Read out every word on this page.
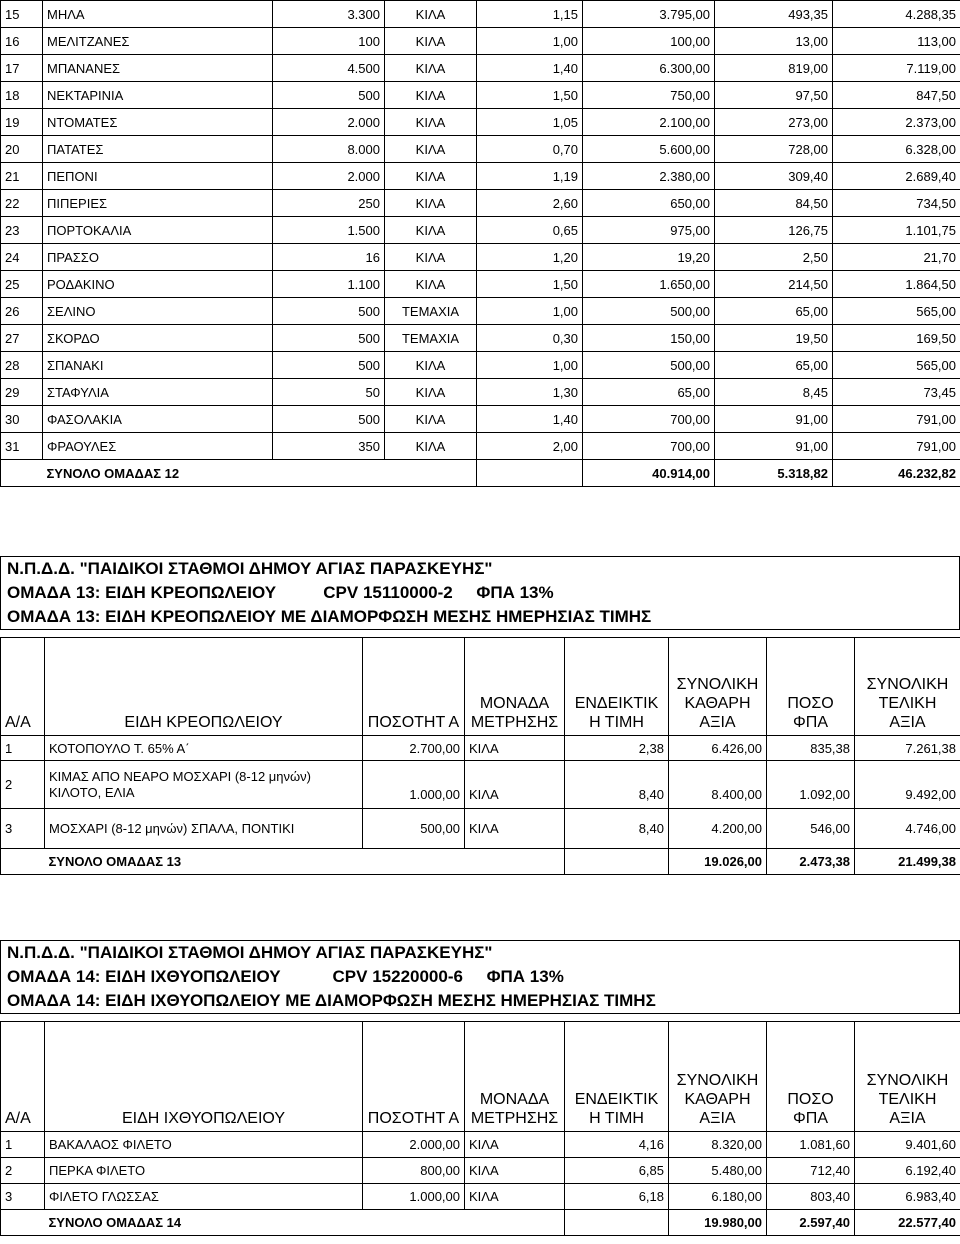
15	ΜΗΛΑ	3.300	ΚΙΛΑ	1,15	3.795,00	493,35	4.288,35
16	ΜΕΛΙΤΖΑΝΕΣ	100	ΚΙΛΑ	1,00	100,00	13,00	113,00
17	ΜΠΑΝΑΝΕΣ	4.500	ΚΙΛΑ	1,40	6.300,00	819,00	7.119,00
18	ΝΕΚΤΑΡΙΝΙΑ	500	ΚΙΛΑ	1,50	750,00	97,50	847,50
19	ΝΤΟΜΑΤΕΣ	2.000	ΚΙΛΑ	1,05	2.100,00	273,00	2.373,00
20	ΠΑΤΑΤΕΣ	8.000	ΚΙΛΑ	0,70	5.600,00	728,00	6.328,00
21	ΠΕΠΟΝΙ	2.000	ΚΙΛΑ	1,19	2.380,00	309,40	2.689,40
22	ΠΙΠΕΡΙΕΣ	250	ΚΙΛΑ	2,60	650,00	84,50	734,50
23	ΠΟΡΤΟΚΑΛΙΑ	1.500	ΚΙΛΑ	0,65	975,00	126,75	1.101,75
24	ΠΡΑΣΣΟ	16	ΚΙΛΑ	1,20	19,20	2,50	21,70
25	ΡΟΔΑΚΙΝΟ	1.100	ΚΙΛΑ	1,50	1.650,00	214,50	1.864,50
26	ΣΕΛΙΝΟ	500	ΤΕΜΑΧΙΑ	1,00	500,00	65,00	565,00
27	ΣΚΟΡΔΟ	500	ΤΕΜΑΧΙΑ	0,30	150,00	19,50	169,50
28	ΣΠΑΝΑΚΙ	500	ΚΙΛΑ	1,00	500,00	65,00	565,00
29	ΣΤΑΦΥΛΙΑ	50	ΚΙΛΑ	1,30	65,00	8,45	73,45
30	ΦΑΣΟΛΑΚΙΑ	500	ΚΙΛΑ	1,40	700,00	91,00	791,00
31	ΦΡΑΟΥΛΕΣ	350	ΚΙΛΑ	2,00	700,00	91,00	791,00
	ΣΥΝΟΛΟ ΟΜΑΔΑΣ 12				40.914,00	5.318,82	46.232,82
Ν.Π.Δ.Δ. "ΠΑΙΔΙΚΟΙ ΣΤΑΘΜΟΙ ΔΗΜΟΥ ΑΓΙΑΣ ΠΑΡΑΣΚΕΥΗΣ"
ΟΜΑΔΑ 13: ΕΙΔΗ ΚΡΕΟΠΩΛΕΙΟΥ          CPV 15110000-2     ΦΠΑ 13%
ΟΜΑΔΑ 13: ΕΙΔΗ ΚΡΕΟΠΩΛΕΙΟΥ ΜΕ ΔΙΑΜΟΡΦΩΣΗ ΜΕΣΗΣ ΗΜΕΡΗΣΙΑΣ ΤΙΜΗΣ
Α/Α	ΕΙΔΗ ΚΡΕΟΠΩΛΕΙΟΥ	ΠΟΣΟΤΗΤ Α	ΜΟΝΑΔΑ ΜΕΤΡΗΣΗΣ	ΕΝΔΕΙΚΤΙΚ Η ΤΙΜΗ	ΣΥΝΟΛΙΚΗ ΚΑΘΑΡΗ ΑΞΙΑ	ΠΟΣΟ ΦΠΑ	ΣΥΝΟΛΙΚΗ ΤΕΛΙΚΗ ΑΞΙΑ
1	ΚΟΤΟΠΟΥΛΟ Τ. 65% Α΄	2.700,00	ΚΙΛΑ	2,38	6.426,00	835,38	7.261,38
2	ΚΙΜΑΣ ΑΠΟ ΝΕΑΡΟ ΜΟΣΧΑΡΙ (8-12 μηνών) ΚΙΛΟΤΟ, ΕΛΙΑ	1.000,00	ΚΙΛΑ	8,40	8.400,00	1.092,00	9.492,00
3	ΜΟΣΧΑΡΙ (8-12 μηνών) ΣΠΑΛΑ, ΠΟΝΤΙΚΙ	500,00	ΚΙΛΑ	8,40	4.200,00	546,00	4.746,00
	ΣΥΝΟΛΟ ΟΜΑΔΑΣ 13				19.026,00	2.473,38	21.499,38
Ν.Π.Δ.Δ. "ΠΑΙΔΙΚΟΙ ΣΤΑΘΜΟΙ ΔΗΜΟΥ ΑΓΙΑΣ ΠΑΡΑΣΚΕΥΗΣ"
ΟΜΑΔΑ 14: ΕΙΔΗ ΙΧΘΥΟΠΩΛΕΙΟΥ           CPV 15220000-6     ΦΠΑ 13%
ΟΜΑΔΑ 14: ΕΙΔΗ ΙΧΘΥΟΠΩΛΕΙΟΥ ΜΕ ΔΙΑΜΟΡΦΩΣΗ ΜΕΣΗΣ ΗΜΕΡΗΣΙΑΣ ΤΙΜΗΣ
Α/Α	ΕΙΔΗ ΙΧΘΥΟΠΩΛΕΙΟΥ	ΠΟΣΟΤΗΤ Α	ΜΟΝΑΔΑ ΜΕΤΡΗΣΗΣ	ΕΝΔΕΙΚΤΙΚ Η ΤΙΜΗ	ΣΥΝΟΛΙΚΗ ΚΑΘΑΡΗ ΑΞΙΑ	ΠΟΣΟ ΦΠΑ	ΣΥΝΟΛΙΚΗ ΤΕΛΙΚΗ ΑΞΙΑ
1	ΒΑΚΑΛΑΟΣ ΦΙΛΕΤΟ	2.000,00	ΚΙΛΑ	4,16	8.320,00	1.081,60	9.401,60
2	ΠΕΡΚΑ ΦΙΛΕΤΟ	800,00	ΚΙΛΑ	6,85	5.480,00	712,40	6.192,40
3	ΦΙΛΕΤΟ ΓΛΩΣΣΑΣ	1.000,00	ΚΙΛΑ	6,18	6.180,00	803,40	6.983,40
	ΣΥΝΟΛΟ ΟΜΑΔΑΣ 14				19.980,00	2.597,40	22.577,40
